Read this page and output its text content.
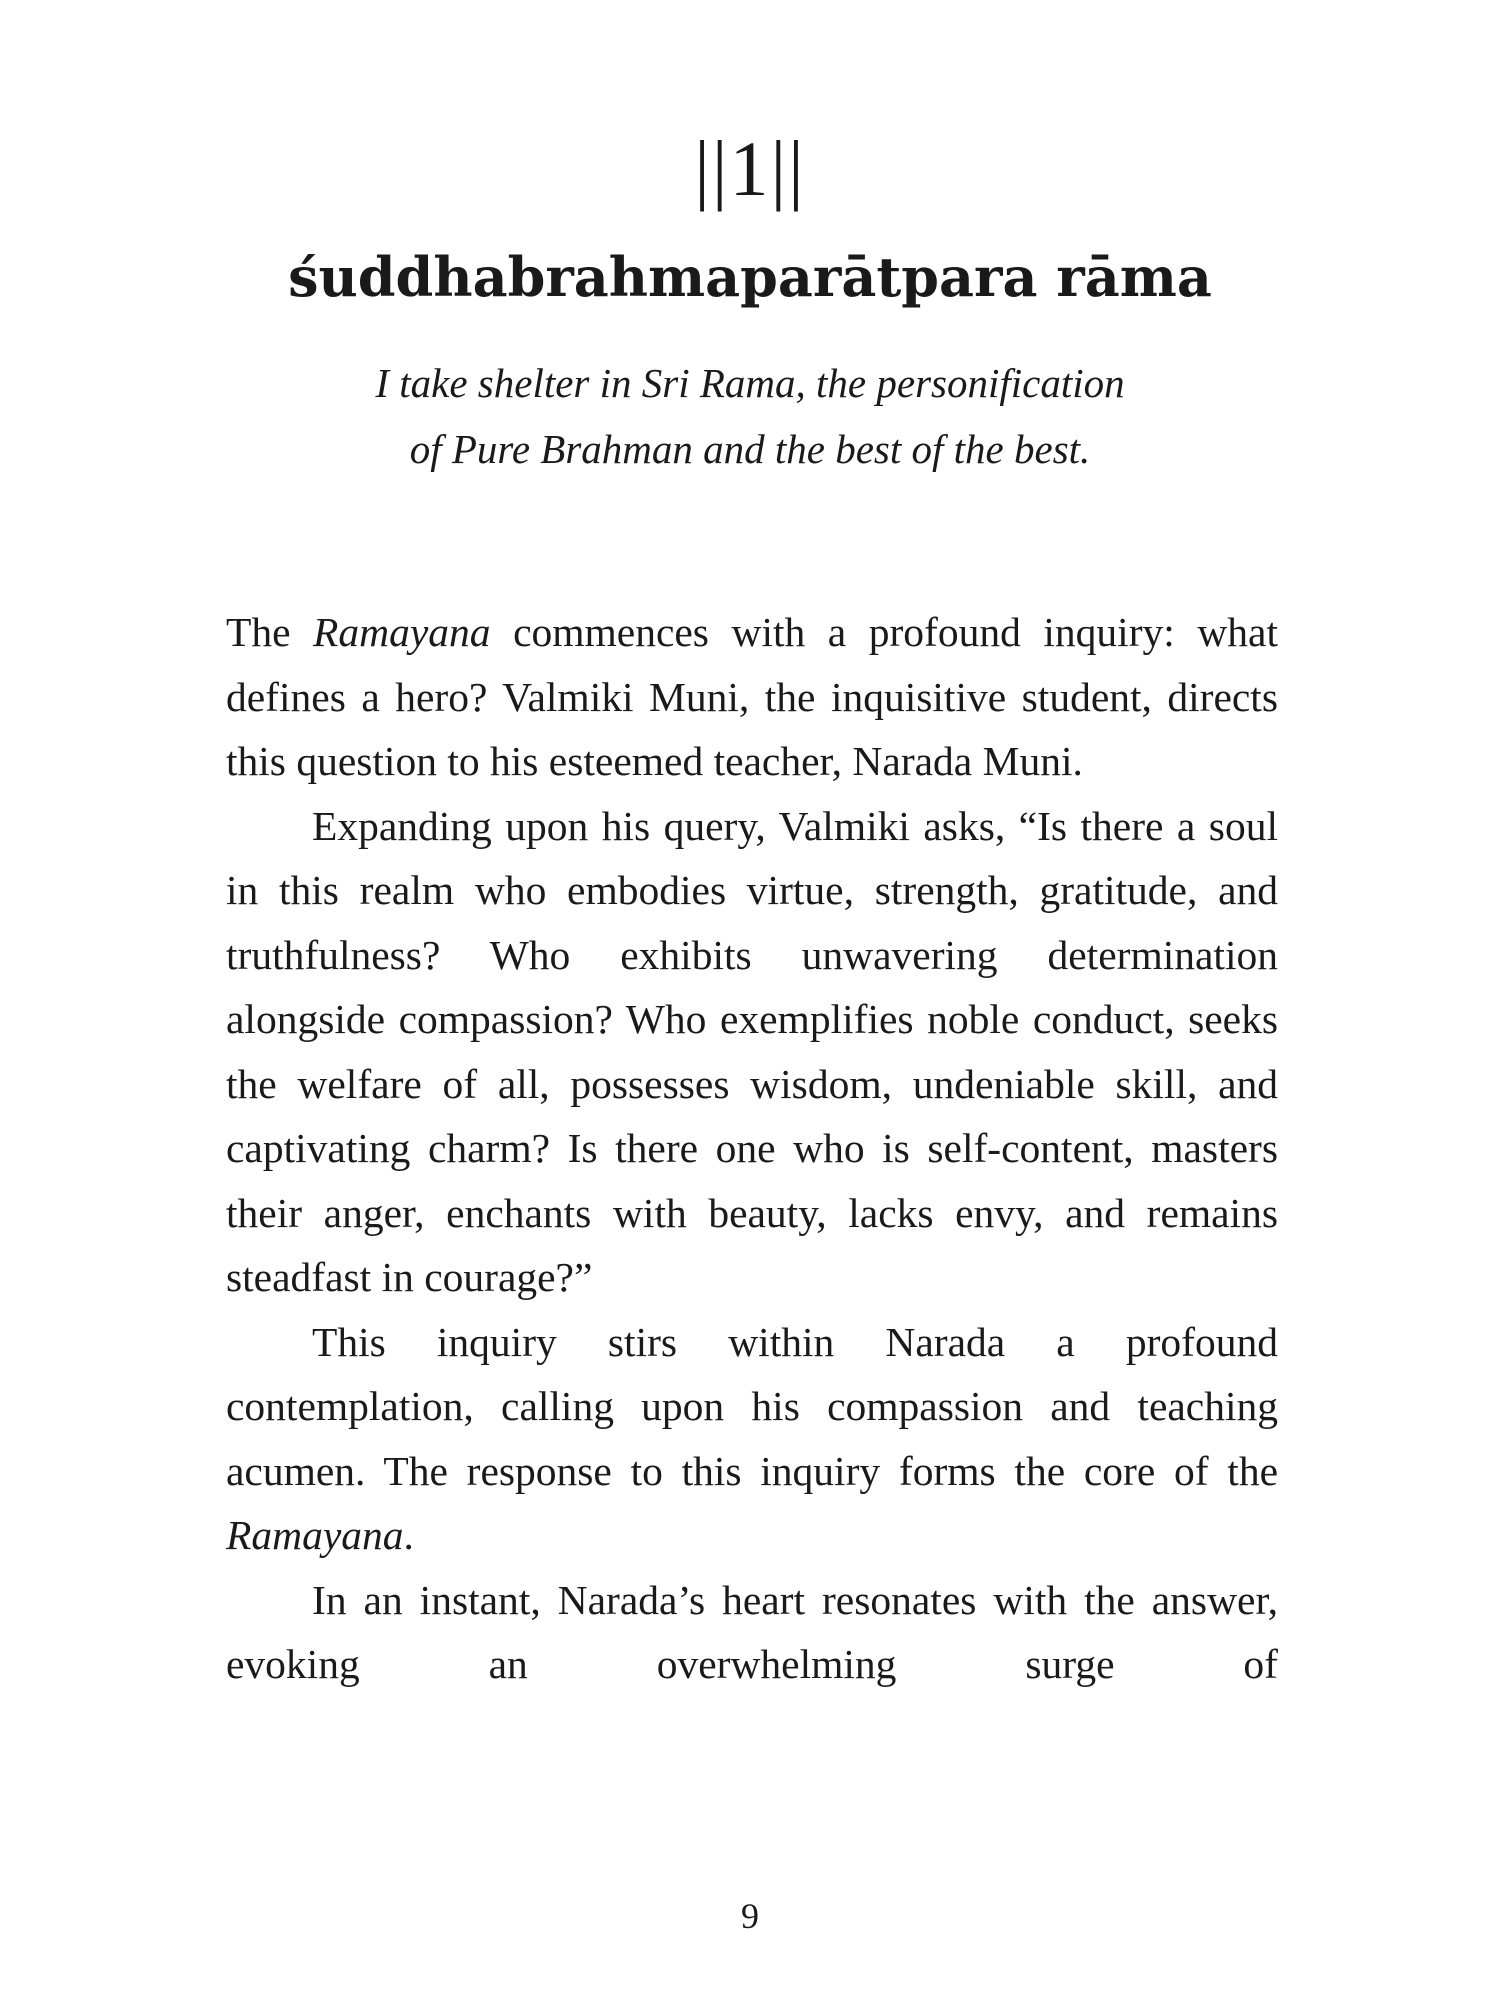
||1||
śuddhabrahmaparātpara rāma
I take shelter in Sri Rama, the personification
of Pure Brahman and the best of the best.

The Ramayana commences with a profound inquiry: what defines a hero? Valmiki Muni, the inquisitive student, directs this question to his esteemed teacher, Narada Muni.

Expanding upon his query, Valmiki asks, “Is there a soul in this realm who embodies virtue, strength, gratitude, and truthfulness? Who exhibits unwavering determination alongside compassion? Who exemplifies noble conduct, seeks the welfare of all, possesses wisdom, undeniable skill, and captivating charm? Is there one who is self-content, masters their anger, enchants with beauty, lacks envy, and remains steadfast in courage?”

This inquiry stirs within Narada a profound contemplation, calling upon his compassion and teaching acumen. The response to this inquiry forms the core of the Ramayana.

In an instant, Narada’s heart resonates with the answer, evoking an overwhelming surge of

9
